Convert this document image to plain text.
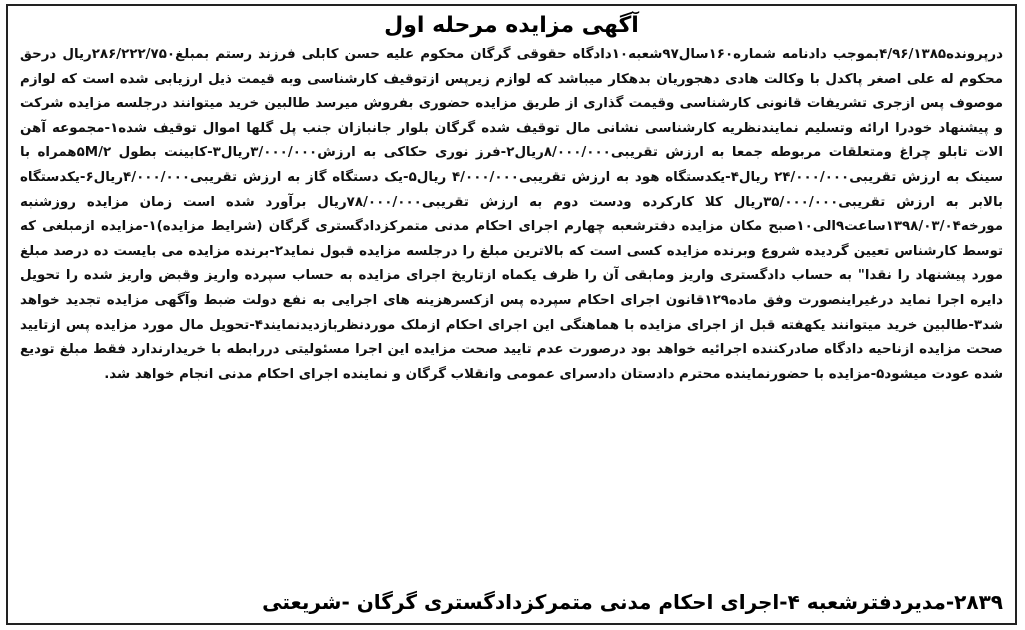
آگهی مزایده مرحله اول

درپرونده۴/۹۶/۱۳۸۵بموجب دادنامه شماره۱۶۰سال۹۷شعبه۱۰دادگاه حقوقی گرگان محکوم علیه حسن کابلی فرزند رستم بمبلغ۲۸۶/۲۲۲/۷۵۰ریال درحق محکوم له علی اصغر پاکدل با وکالت هادی دهجوریان بدهکار میباشد که لوازم زیرپس ازتوقیف کارشناسی وبه قیمت ذیل ارزیابی شده است که لوازم موصوف پس ازجری تشریفات قانونی کارشناسی وقیمت گذاری از طریق مزایده حضوری بفروش میرسد طالبین خرید میتوانند درجلسه مزایده شرکت و پیشنهاد خودرا ارائه وتسلیم نمایندنظریه کارشناسی نشانی مال توقیف شده گرگان بلوار جانبازان جنب پل گلها اموال توقیف شده۱-مجموعه آهن الات تابلو چراغ ومتعلقات مربوطه جمعا به ارزش تقریبی۸/۰۰۰/۰۰۰ریال۲-فرز نوری حکاکی به ارزش۳/۰۰۰/۰۰۰ریال۳-کابینت بطول ۵M/۲همراه با سینک به ارزش تقریبی۲۴/۰۰۰/۰۰۰ ریال۴-یکدستگاه هود به ارزش تقریبی۴/۰۰۰/۰۰۰ ریال۵-یک دستگاه گاز به ارزش تقریبی۴/۰۰۰/۰۰۰ریال۶-یکدستگاه بالابر به ارزش تقریبی۳۵/۰۰۰/۰۰۰ریال کلا کارکرده ودست دوم به ارزش تقریبی۷۸/۰۰۰/۰۰۰ریال برآورد شده است زمان مزایده روزشنبه مورخه۱۳۹۸/۰۳/۰۴ساعت۹الی۱۰صبح مکان مزایده دفترشعبه چهارم اجرای احکام مدنی متمرکزدادگستری گرگان (شرایط مزایده)۱-مزایده ازمبلغی که توسط کارشناس تعیین گردیده شروع وبرنده مزایده کسی است که بالاترین مبلغ را درجلسه مزایده قبول نماید۲-برنده مزایده می بایست ده درصد مبلغ مورد پیشنهاد را نقدا" به حساب دادگستری واریز ومابقی آن را ظرف یکماه ازتاریخ اجرای مزایده به حساب سپرده واریز وقبض واریز شده را تحویل دایره اجرا نماید درغیراینصورت وفق ماده۱۲۹قانون اجرای احکام سپرده پس ازکسرهزینه های اجرایی به نفع دولت ضبط وآگهی مزایده تجدید خواهد شد۳-طالبین خرید میتوانند یکهفته قبل از اجرای مزایده با هماهنگی این اجرای احکام ازملک موردنظربازدیدنمایند۴-تحویل مال مورد مزایده پس ازتایید صحت مزایده ازناحیه دادگاه صادرکننده اجرائیه خواهد بود درصورت عدم تایید صحت مزایده این اجرا مسئولیتی دررابطه با خریدارندارد فقط مبلغ تودیع شده عودت میشود۵-مزایده با حضورنماینده محترم دادستان دادسرای عمومی وانقلاب گرگان و نماینده اجرای احکام مدنی انجام خواهد شد.

۲۸۳۹-مدیردفترشعبه ۴-اجرای احکام مدنی متمرکزدادگستری گرگان -شریعتی
